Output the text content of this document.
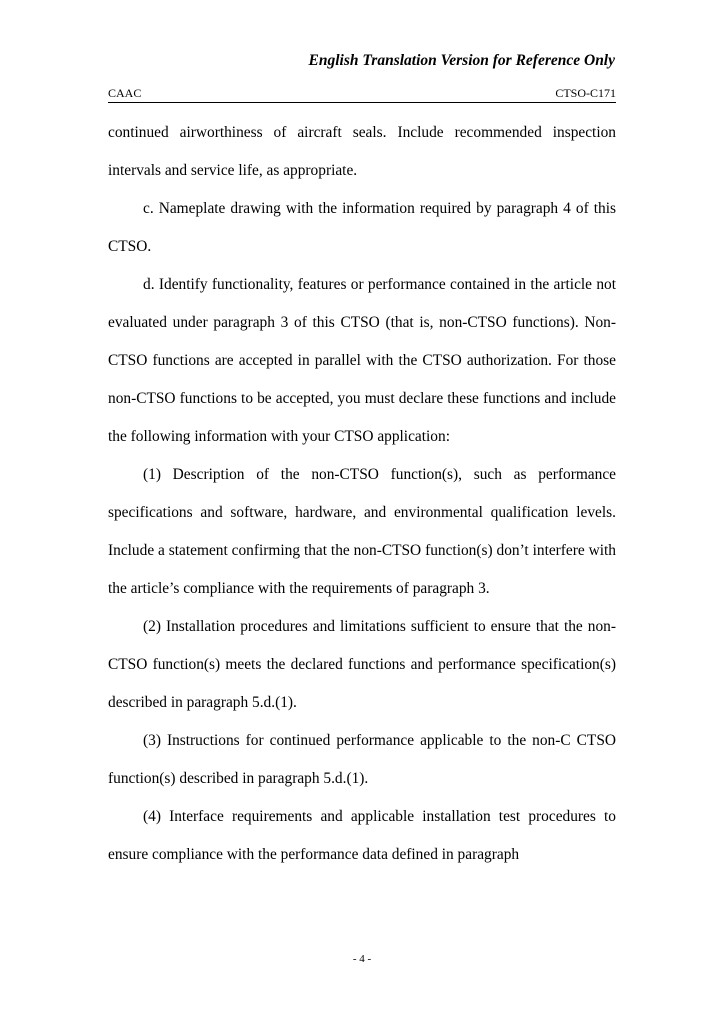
English Translation Version for Reference Only
CAAC	CTSO-C171

continued airworthiness of aircraft seals. Include recommended inspection intervals and service life, as appropriate.

c. Nameplate drawing with the information required by paragraph 4 of this CTSO.

d. Identify functionality, features or performance contained in the article not evaluated under paragraph 3 of this CTSO (that is, non-CTSO functions). Non-CTSO functions are accepted in parallel with the CTSO authorization. For those non-CTSO functions to be accepted, you must declare these functions and include the following information with your CTSO application:

(1) Description of the non-CTSO function(s), such as performance specifications and software, hardware, and environmental qualification levels. Include a statement confirming that the non-CTSO function(s) don’t interfere with the article’s compliance with the requirements of paragraph 3.

(2) Installation procedures and limitations sufficient to ensure that the non-CTSO function(s) meets the declared functions and performance specification(s) described in paragraph 5.d.(1).

(3) Instructions for continued performance applicable to the non-C CTSO function(s) described in paragraph 5.d.(1).

(4) Interface requirements and applicable installation test procedures to ensure compliance with the performance data defined in paragraph

- 4 -
